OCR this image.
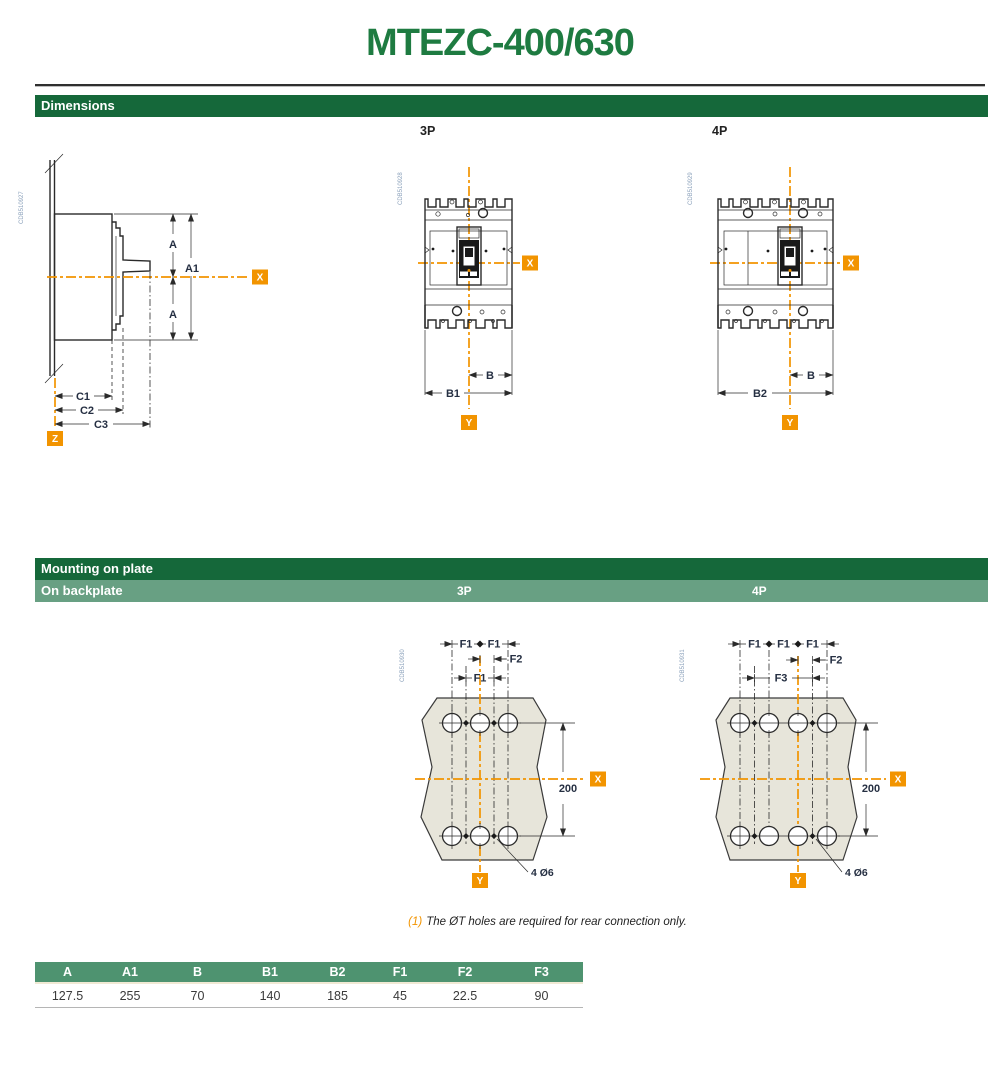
MTEZC-400/630
Dimensions
CDB510927
A
A
A1
X
C1
C2
C3
Z
3P
CDB510928
B
B1
X
Y
4P
CDB510929
B
B2
X
Y
Mounting on plate
On backplate	3P	4P
CDB510930
F1 F1
F2
F1
200
4 Ø6
X
Y
CDB510931
F1 F1 F1
F2
F3
200
4 Ø6
X
Y
(1) The ØT holes are required for rear connection only.
A	A1	B	B1	B2	F1	F2	F3
127.5	255	70	140	185	45	22.5	90
